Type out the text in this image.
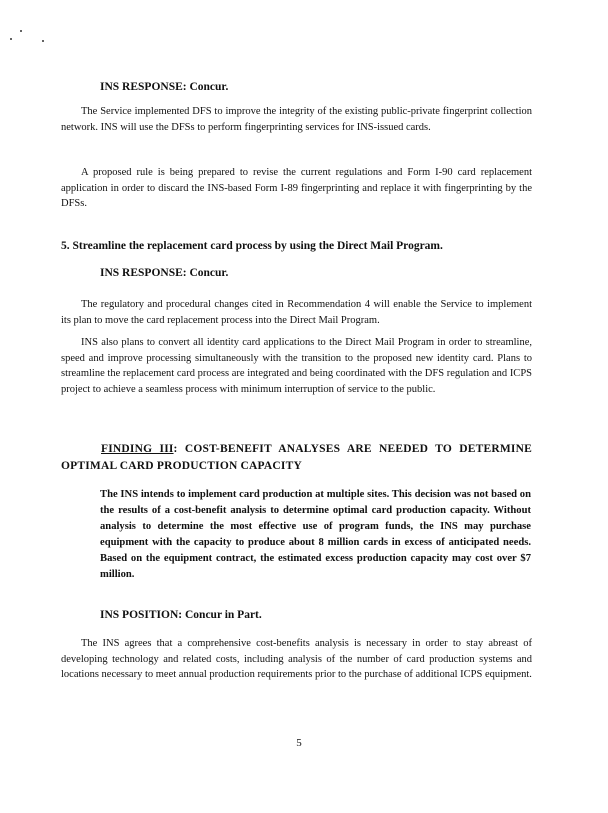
INS RESPONSE: Concur.
The Service implemented DFS to improve the integrity of the existing public-private fingerprint collection network. INS will use the DFSs to perform fingerprinting services for INS-issued cards.
A proposed rule is being prepared to revise the current regulations and Form I-90 card replacement application in order to discard the INS-based Form I-89 fingerprinting and replace it with fingerprinting by the DFSs.
5. Streamline the replacement card process by using the Direct Mail Program.
INS RESPONSE: Concur.
The regulatory and procedural changes cited in Recommendation 4 will enable the Service to implement its plan to move the card replacement process into the Direct Mail Program.
INS also plans to convert all identity card applications to the Direct Mail Program in order to streamline, speed and improve processing simultaneously with the transition to the proposed new identity card. Plans to streamline the replacement card process are integrated and being coordinated with the DFS regulation and ICPS project to achieve a seamless process with minimum interruption of service to the public.
FINDING III: COST-BENEFIT ANALYSES ARE NEEDED TO DETERMINE OPTIMAL CARD PRODUCTION CAPACITY
The INS intends to implement card production at multiple sites. This decision was not based on the results of a cost-benefit analysis to determine optimal card production capacity. Without analysis to determine the most effective use of program funds, the INS may purchase equipment with the capacity to produce about 8 million cards in excess of anticipated needs. Based on the equipment contract, the estimated excess production capacity may cost over $7 million.
INS POSITION: Concur in Part.
The INS agrees that a comprehensive cost-benefits analysis is necessary in order to stay abreast of developing technology and related costs, including analysis of the number of card production systems and locations necessary to meet annual production requirements prior to the purchase of additional ICPS equipment.
5
